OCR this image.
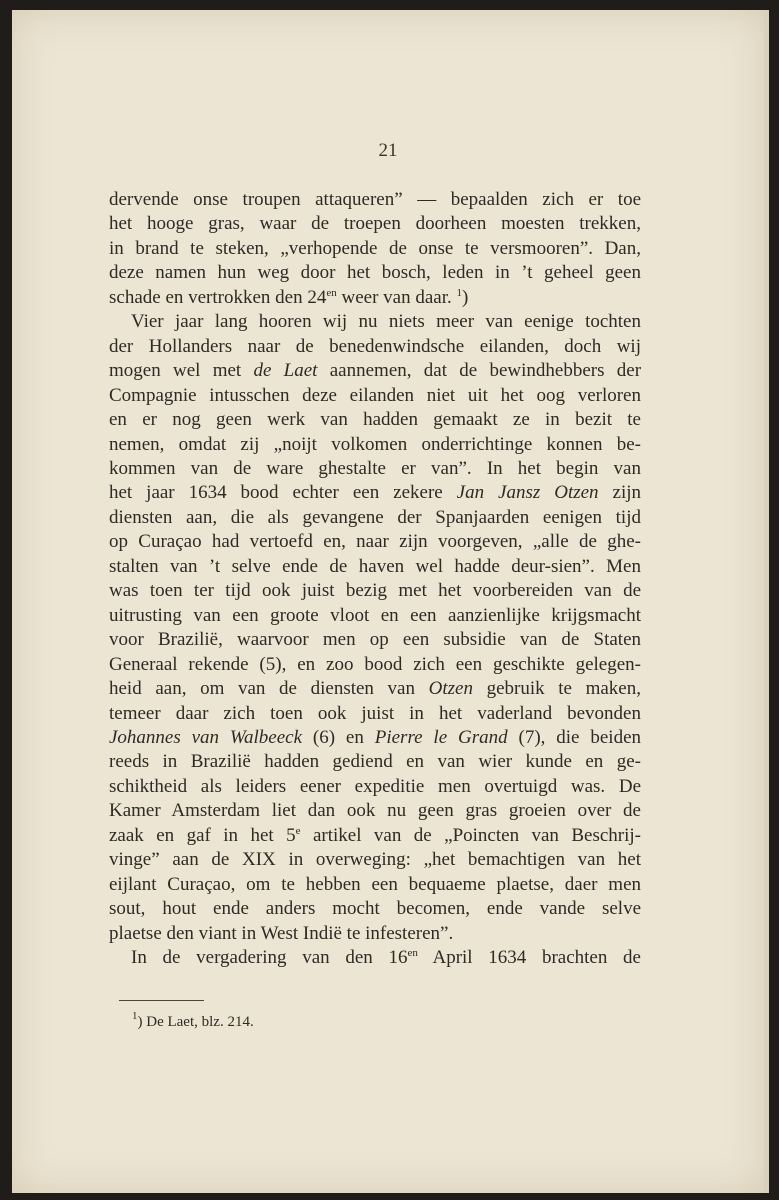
21
dervende onse troupen attaqueren” — bepaalden zich er toe
het hooge gras, waar de troepen doorheen moesten trekken,
in brand te steken, „verhopende de onse te versmooren”. Dan,
deze namen hun weg door het bosch, leden in ’t geheel geen
schade en vertrokken den $24^{en}$ weer van daar. $^1$)
Vier jaar lang hooren wij nu niets meer van eenige tochten
der Hollanders naar de benedenwindsche eilanden, doch wij
mogen wel met de Laet aannemen, dat de bewindhebbers der
Compagnie intusschen deze eilanden niet uit het oog verloren
en er nog geen werk van hadden gemaakt ze in bezit te
nemen, omdat zij „noijt volkomen onderrichtinge konnen be-
kommen van de ware ghestalte er van”. In het begin van
het jaar 1634 bood echter een zekere Jan Jansz Otzen zijn
diensten aan, die als gevangene der Spanjaarden eenigen tijd
op Curaçao had vertoefd en, naar zijn voorgeven, „alle de ghe-
stalten van ’t selve ende de haven wel hadde deur-sien”. Men
was toen ter tijd ook juist bezig met het voorbereiden van de
uitrusting van een groote vloot en een aanzienlijke krijgsmacht
voor Brazilië, waarvoor men op een subsidie van de Staten
Generaal rekende (5), en zoo bood zich een geschikte gelegen-
heid aan, om van de diensten van Otzen gebruik te maken,
temeer daar zich toen ook juist in het vaderland bevonden
Johannes van Walbeeck (6) en Pierre le Grand (7), die beiden
reeds in Brazilië hadden gediend en van wier kunde en ge-
schiktheid als leiders eener expeditie men overtuigd was. De
Kamer Amsterdam liet dan ook nu geen gras groeien over de
zaak en gaf in het 5e artikel van de „Poincten van Beschrij-
vinge” aan de XIX in overweging: „het bemachtigen van het
eijlant Curaçao, om te hebben een bequaeme plaetse, daer men
sout, hout ende anders mocht becomen, ende vande selve
plaetse den viant in West Indië te infesteren”.
In de vergadering van den $16^{en}$ April 1634 brachten de
$^1$) De Laet, blz. 214.
